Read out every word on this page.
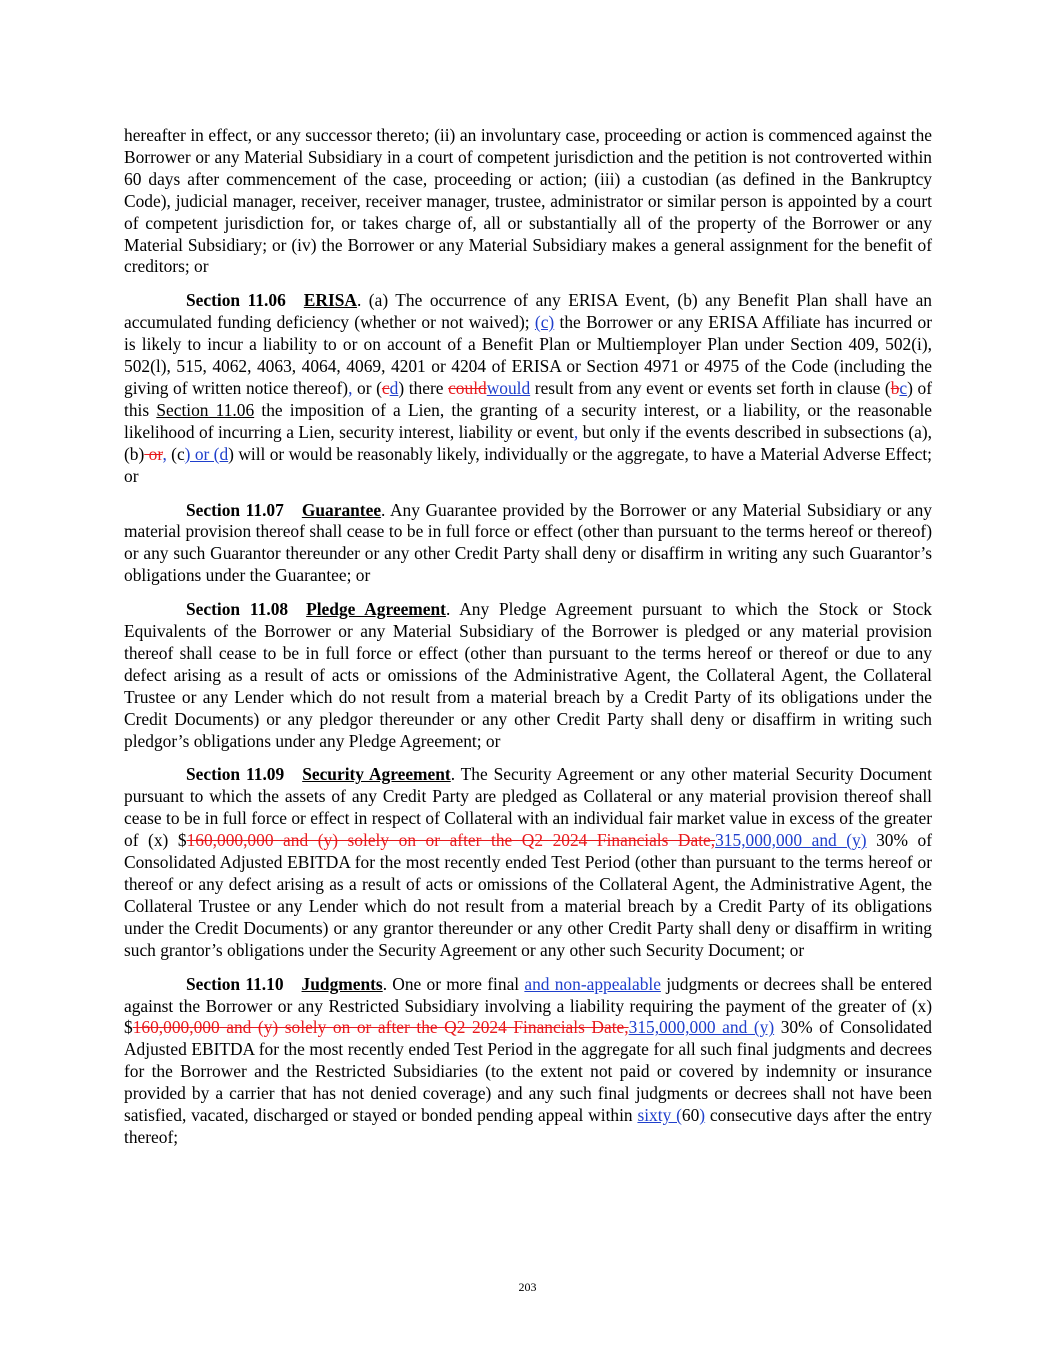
hereafter in effect, or any successor thereto; (ii) an involuntary case, proceeding or action is commenced against the Borrower or any Material Subsidiary in a court of competent jurisdiction and the petition is not controverted within 60 days after commencement of the case, proceeding or action; (iii) a custodian (as defined in the Bankruptcy Code), judicial manager, receiver, receiver manager, trustee, administrator or similar person is appointed by a court of competent jurisdiction for, or takes charge of, all or substantially all of the property of the Borrower or any Material Subsidiary; or (iv) the Borrower or any Material Subsidiary makes a general assignment for the benefit of creditors; or

Section 11.06 ERISA. (a) The occurrence of any ERISA Event, (b) any Benefit Plan shall have an accumulated funding deficiency (whether or not waived); (c) the Borrower or any ERISA Affiliate has incurred or is likely to incur a liability to or on account of a Benefit Plan or Multiemployer Plan under Section 409, 502(i), 502(l), 515, 4062, 4063, 4064, 4069, 4201 or 4204 of ERISA or Section 4971 or 4975 of the Code (including the giving of written notice thereof), or (cd) there couldwould result from any event or events set forth in clause (bc) of this Section 11.06 the imposition of a Lien, the granting of a security interest, or a liability, or the reasonable likelihood of incurring a Lien, security interest, liability or event, but only if the events described in subsections (a), (b) or, (c) or (d) will or would be reasonably likely, individually or the aggregate, to have a Material Adverse Effect; or

Section 11.07 Guarantee. Any Guarantee provided by the Borrower or any Material Subsidiary or any material provision thereof shall cease to be in full force or effect (other than pursuant to the terms hereof or thereof) or any such Guarantor thereunder or any other Credit Party shall deny or disaffirm in writing any such Guarantor’s obligations under the Guarantee; or

Section 11.08 Pledge Agreement. Any Pledge Agreement pursuant to which the Stock or Stock Equivalents of the Borrower or any Material Subsidiary of the Borrower is pledged or any material provision thereof shall cease to be in full force or effect (other than pursuant to the terms hereof or thereof or due to any defect arising as a result of acts or omissions of the Administrative Agent, the Collateral Agent, the Collateral Trustee or any Lender which do not result from a material breach by a Credit Party of its obligations under the Credit Documents) or any pledgor thereunder or any other Credit Party shall deny or disaffirm in writing such pledgor’s obligations under any Pledge Agreement; or

Section 11.09 Security Agreement. The Security Agreement or any other material Security Document pursuant to which the assets of any Credit Party are pledged as Collateral or any material provision thereof shall cease to be in full force or effect in respect of Collateral with an individual fair market value in excess of the greater of (x) $160,000,000 and (y) solely on or after the Q2 2024 Financials Date,315,000,000 and (y) 30% of Consolidated Adjusted EBITDA for the most recently ended Test Period (other than pursuant to the terms hereof or thereof or any defect arising as a result of acts or omissions of the Collateral Agent, the Administrative Agent, the Collateral Trustee or any Lender which do not result from a material breach by a Credit Party of its obligations under the Credit Documents) or any grantor thereunder or any other Credit Party shall deny or disaffirm in writing such grantor’s obligations under the Security Agreement or any other such Security Document; or

Section 11.10 Judgments. One or more final and non-appealable judgments or decrees shall be entered against the Borrower or any Restricted Subsidiary involving a liability requiring the payment of the greater of (x) $160,000,000 and (y) solely on or after the Q2 2024 Financials Date,315,000,000 and (y) 30% of Consolidated Adjusted EBITDA for the most recently ended Test Period in the aggregate for all such final judgments and decrees for the Borrower and the Restricted Subsidiaries (to the extent not paid or covered by indemnity or insurance provided by a carrier that has not denied coverage) and any such final judgments or decrees shall not have been satisfied, vacated, discharged or stayed or bonded pending appeal within sixty (60) consecutive days after the entry thereof;

203
